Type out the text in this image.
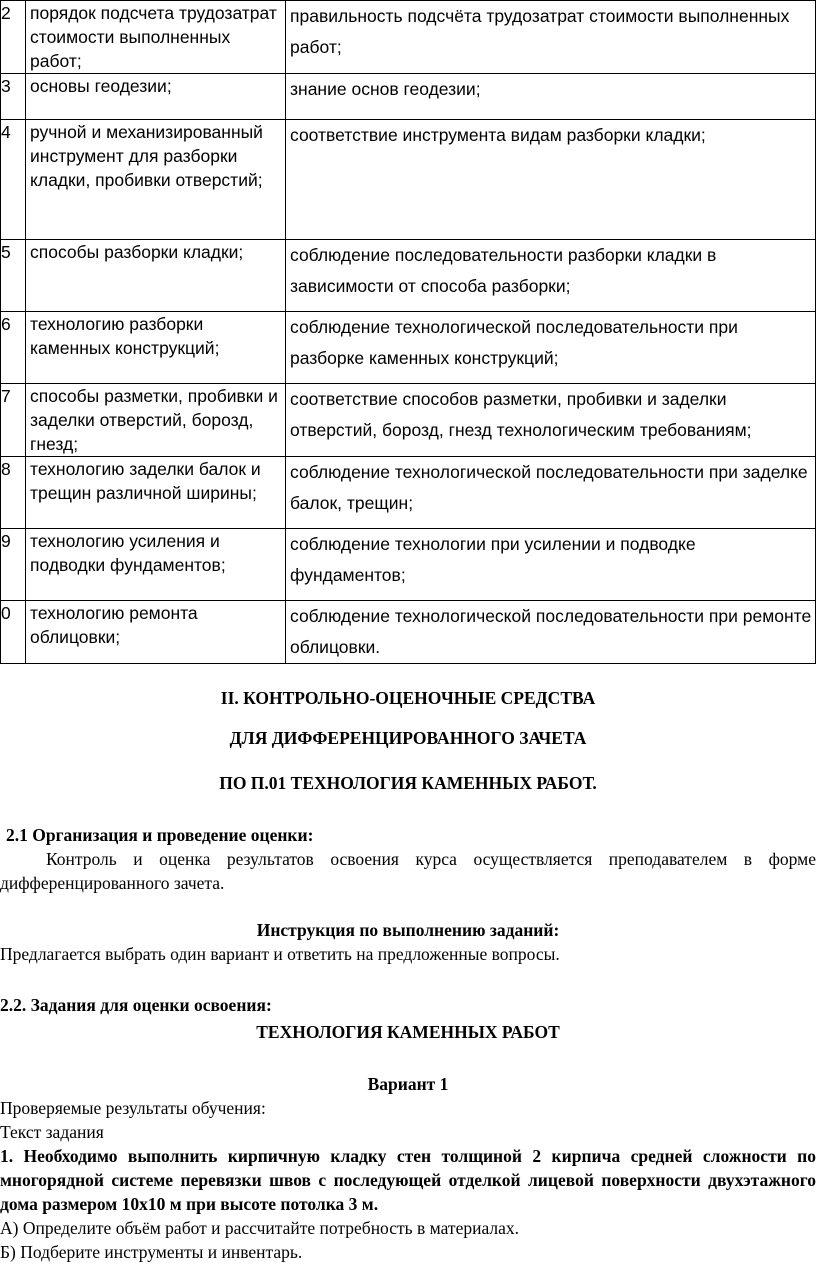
2	порядок подсчета трудозатрат стоимости выполненных работ;	правильность подсчёта трудозатрат стоимости выполненных работ;
3	основы геодезии;	знание основ геодезии;
4	ручной и механизированный инструмент для разборки кладки, пробивки отверстий;	соответствие инструмента видам разборки кладки;
5	способы разборки кладки;	соблюдение последовательности разборки кладки в зависимости от способа разборки;
6	технологию разборки каменных конструкций;	соблюдение технологической последовательности при разборке каменных конструкций;
7	способы разметки, пробивки и заделки отверстий, борозд, гнезд;	соответствие способов разметки, пробивки и заделки отверстий, борозд, гнезд технологическим требованиям;
8	технологию заделки балок и трещин различной ширины;	соблюдение технологической последовательности при заделке балок, трещин;
9	технологию усиления и подводки фундаментов;	соблюдение технологии при усилении и подводке фундаментов;
0	технологию ремонта облицовки;	соблюдение технологической последовательности при ремонте облицовки.
II. КОНТРОЛЬНО-ОЦЕНОЧНЫЕ СРЕДСТВА
ДЛЯ ДИФФЕРЕНЦИРОВАННОГО ЗАЧЕТА
ПО П.01 ТЕХНОЛОГИЯ КАМЕННЫХ РАБОТ.
2.1 Организация и проведение оценки:
Контроль и оценка результатов освоения курса осуществляется преподавателем в форме дифференцированного зачета.
Инструкция по выполнению заданий:
Предлагается выбрать один вариант и ответить на предложенные вопросы.
2.2. Задания для оценки освоения:
ТЕХНОЛОГИЯ КАМЕННЫХ РАБОТ
Вариант 1
Проверяемые результаты обучения:
Текст задания
1. Необходимо выполнить кирпичную кладку стен толщиной 2 кирпича средней сложности по многорядной системе перевязки швов с последующей отделкой лицевой поверхности двухэтажного дома размером 10х10 м при высоте потолка 3 м.
А) Определите объём работ и рассчитайте потребность в материалах.
Б) Подберите инструменты и инвентарь.
